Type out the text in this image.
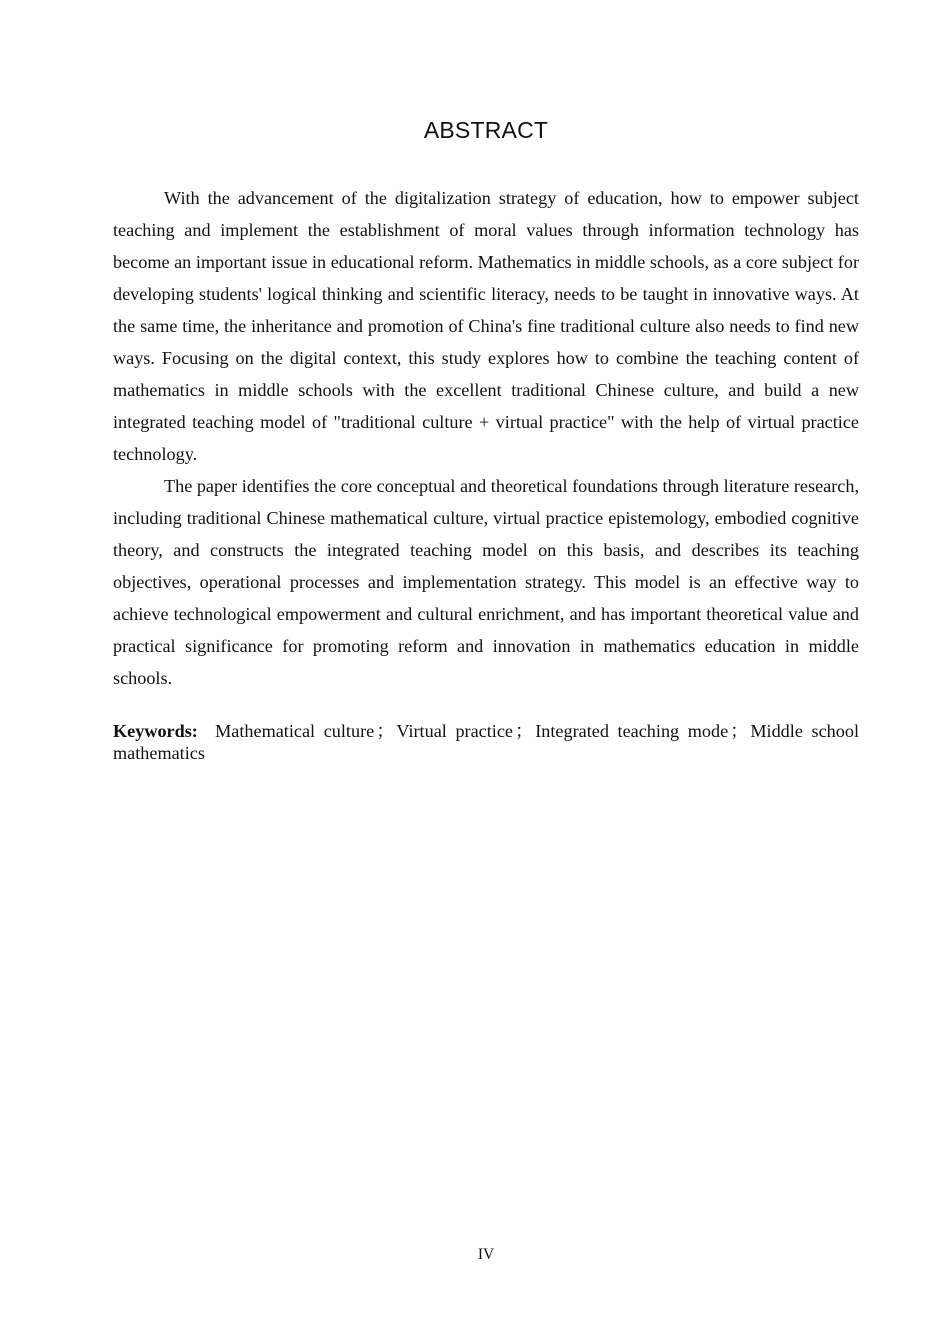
ABSTRACT

With the advancement of the digitalization strategy of education, how to empower subject teaching and implement the establishment of moral values through information technology has become an important issue in educational reform. Mathematics in middle schools, as a core subject for developing students' logical thinking and scientific literacy, needs to be taught in innovative ways. At the same time, the inheritance and promotion of China's fine traditional culture also needs to find new ways. Focusing on the digital context, this study explores how to combine the teaching content of mathematics in middle schools with the excellent traditional Chinese culture, and build a new integrated teaching model of "traditional culture + virtual practice" with the help of virtual practice technology.

The paper identifies the core conceptual and theoretical foundations through literature research, including traditional Chinese mathematical culture, virtual practice epistemology, embodied cognitive theory, and constructs the integrated teaching model on this basis, and describes its teaching objectives, operational processes and implementation strategy. This model is an effective way to achieve technological empowerment and cultural enrichment, and has important theoretical value and practical significance for promoting reform and innovation in mathematics education in middle schools.

Keywords: Mathematical culture ； Virtual practice ； Integrated teaching mode ； Middle school mathematics
IV
